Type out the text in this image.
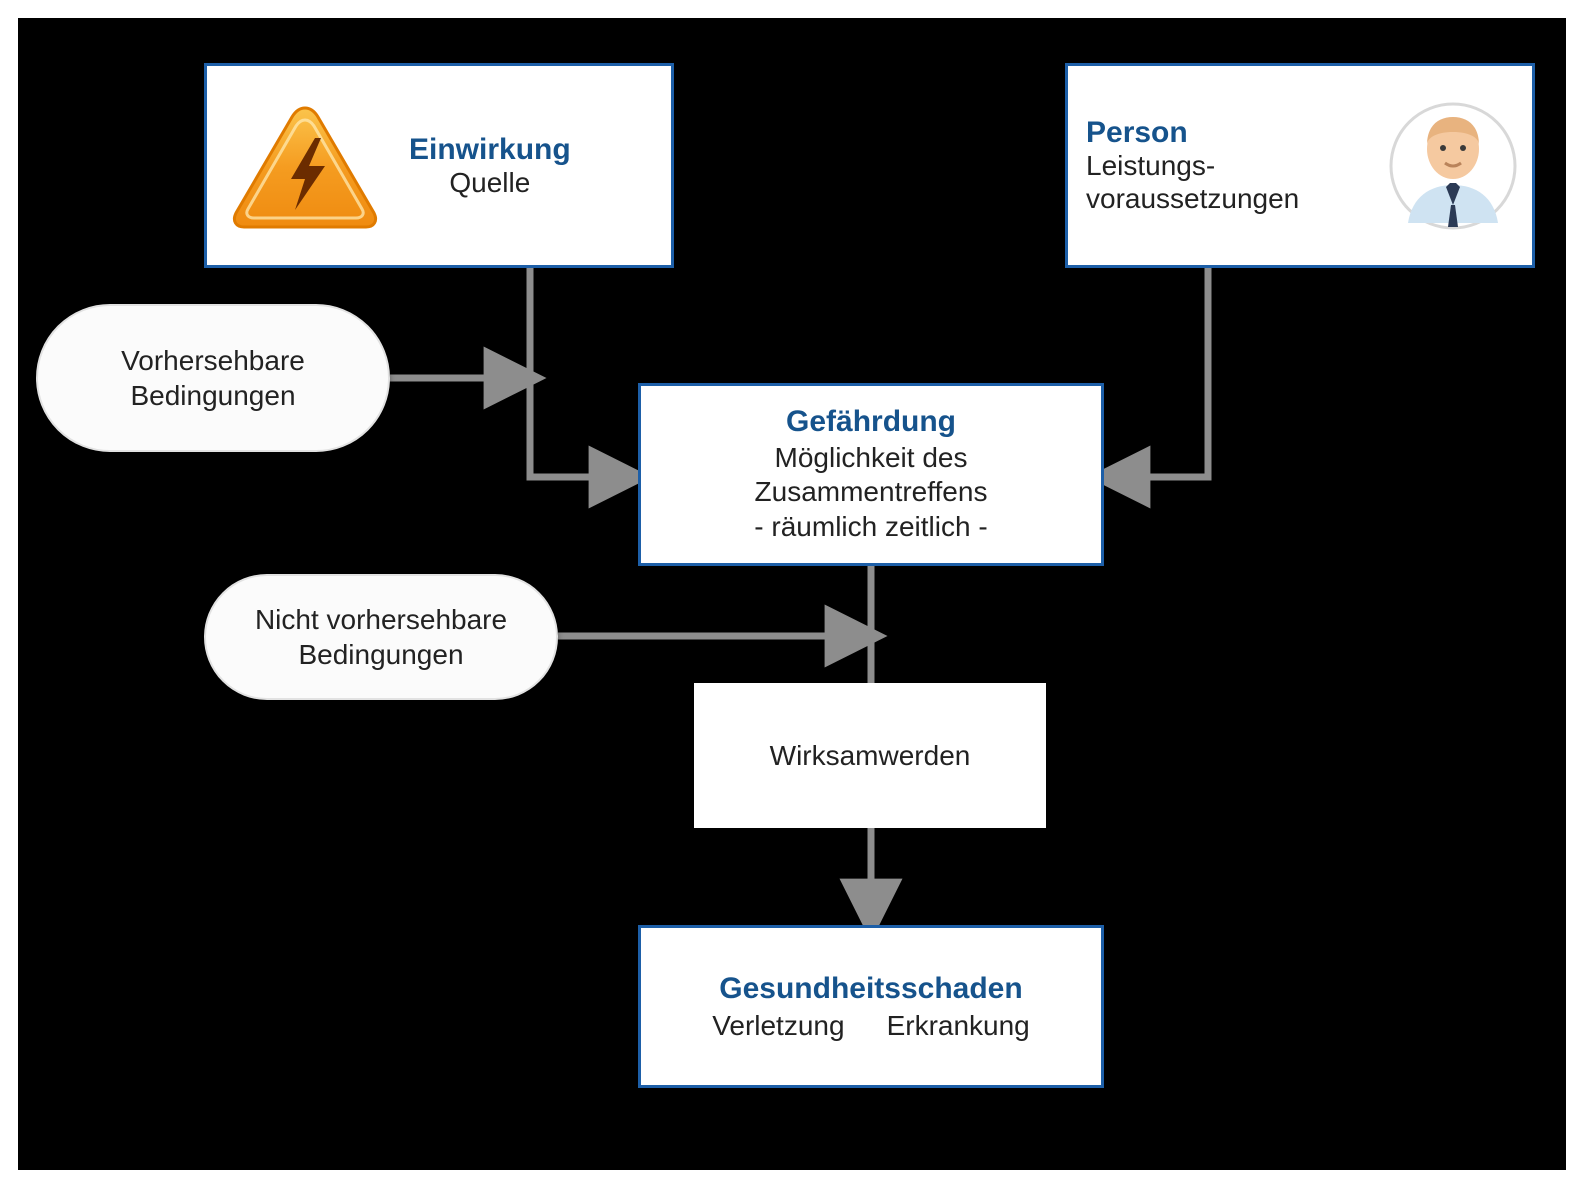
Einwirkung
Quelle
Person
Leistungs-
voraussetzungen
Gefährdung
Möglichkeit des
Zusammentreffens
- räumlich zeitlich -
Wirksamwerden
Gesundheitsschaden
Verletzung Erkrankung
Vorhersehbare
Bedingungen
Nicht vorhersehbare
Bedingungen
